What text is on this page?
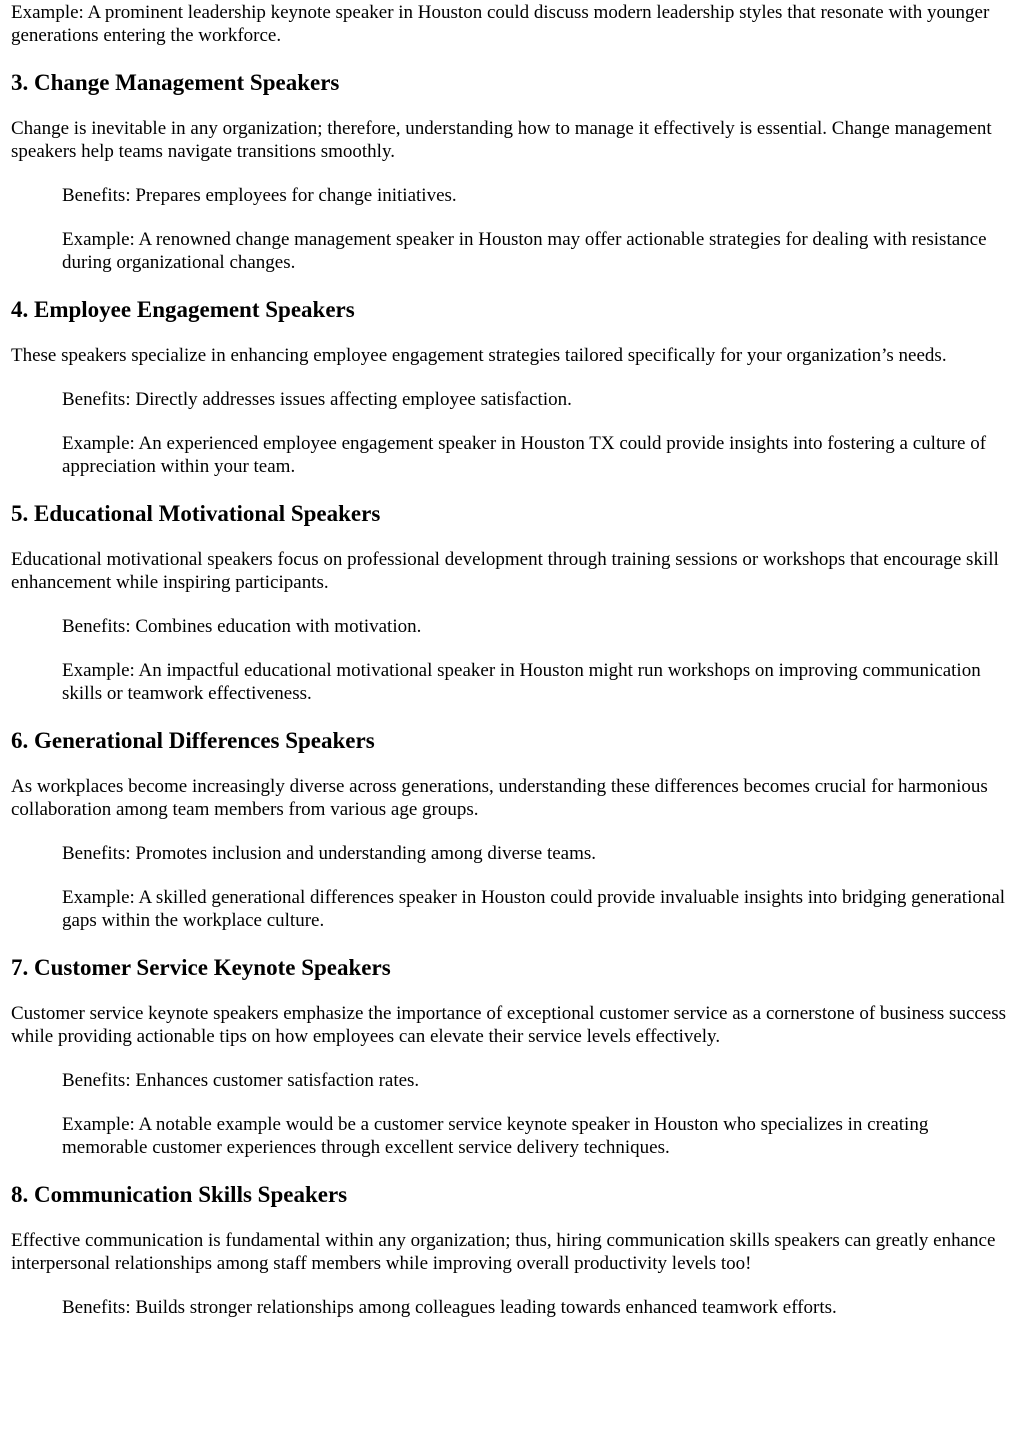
Example: A prominent leadership keynote speaker in Houston could discuss modern leadership styles that resonate with younger generations entering the workforce.

3. Change Management Speakers

Change is inevitable in any organization; therefore, understanding how to manage it effectively is essential. Change management speakers help teams navigate transitions smoothly.

Benefits: Prepares employees for change initiatives.

Example: A renowned change management speaker in Houston may offer actionable strategies for dealing with resistance during organizational changes.

4. Employee Engagement Speakers

These speakers specialize in enhancing employee engagement strategies tailored specifically for your organization’s needs.

Benefits: Directly addresses issues affecting employee satisfaction.

Example: An experienced employee engagement speaker in Houston TX could provide insights into fostering a culture of appreciation within your team.

5. Educational Motivational Speakers

Educational motivational speakers focus on professional development through training sessions or workshops that encourage skill enhancement while inspiring participants.

Benefits: Combines education with motivation.

Example: An impactful educational motivational speaker in Houston might run workshops on improving communication skills or teamwork effectiveness.

6. Generational Differences Speakers

As workplaces become increasingly diverse across generations, understanding these differences becomes crucial for harmonious collaboration among team members from various age groups.

Benefits: Promotes inclusion and understanding among diverse teams.

Example: A skilled generational differences speaker in Houston could provide invaluable insights into bridging generational gaps within the workplace culture.

7. Customer Service Keynote Speakers

Customer service keynote speakers emphasize the importance of exceptional customer service as a cornerstone of business success while providing actionable tips on how employees can elevate their service levels effectively.

Benefits: Enhances customer satisfaction rates.

Example: A notable example would be a customer service keynote speaker in Houston who specializes in creating memorable customer experiences through excellent service delivery techniques.

8. Communication Skills Speakers

Effective communication is fundamental within any organization; thus, hiring communication skills speakers can greatly enhance interpersonal relationships among staff members while improving overall productivity levels too!

Benefits: Builds stronger relationships among colleagues leading towards enhanced teamwork efforts.
